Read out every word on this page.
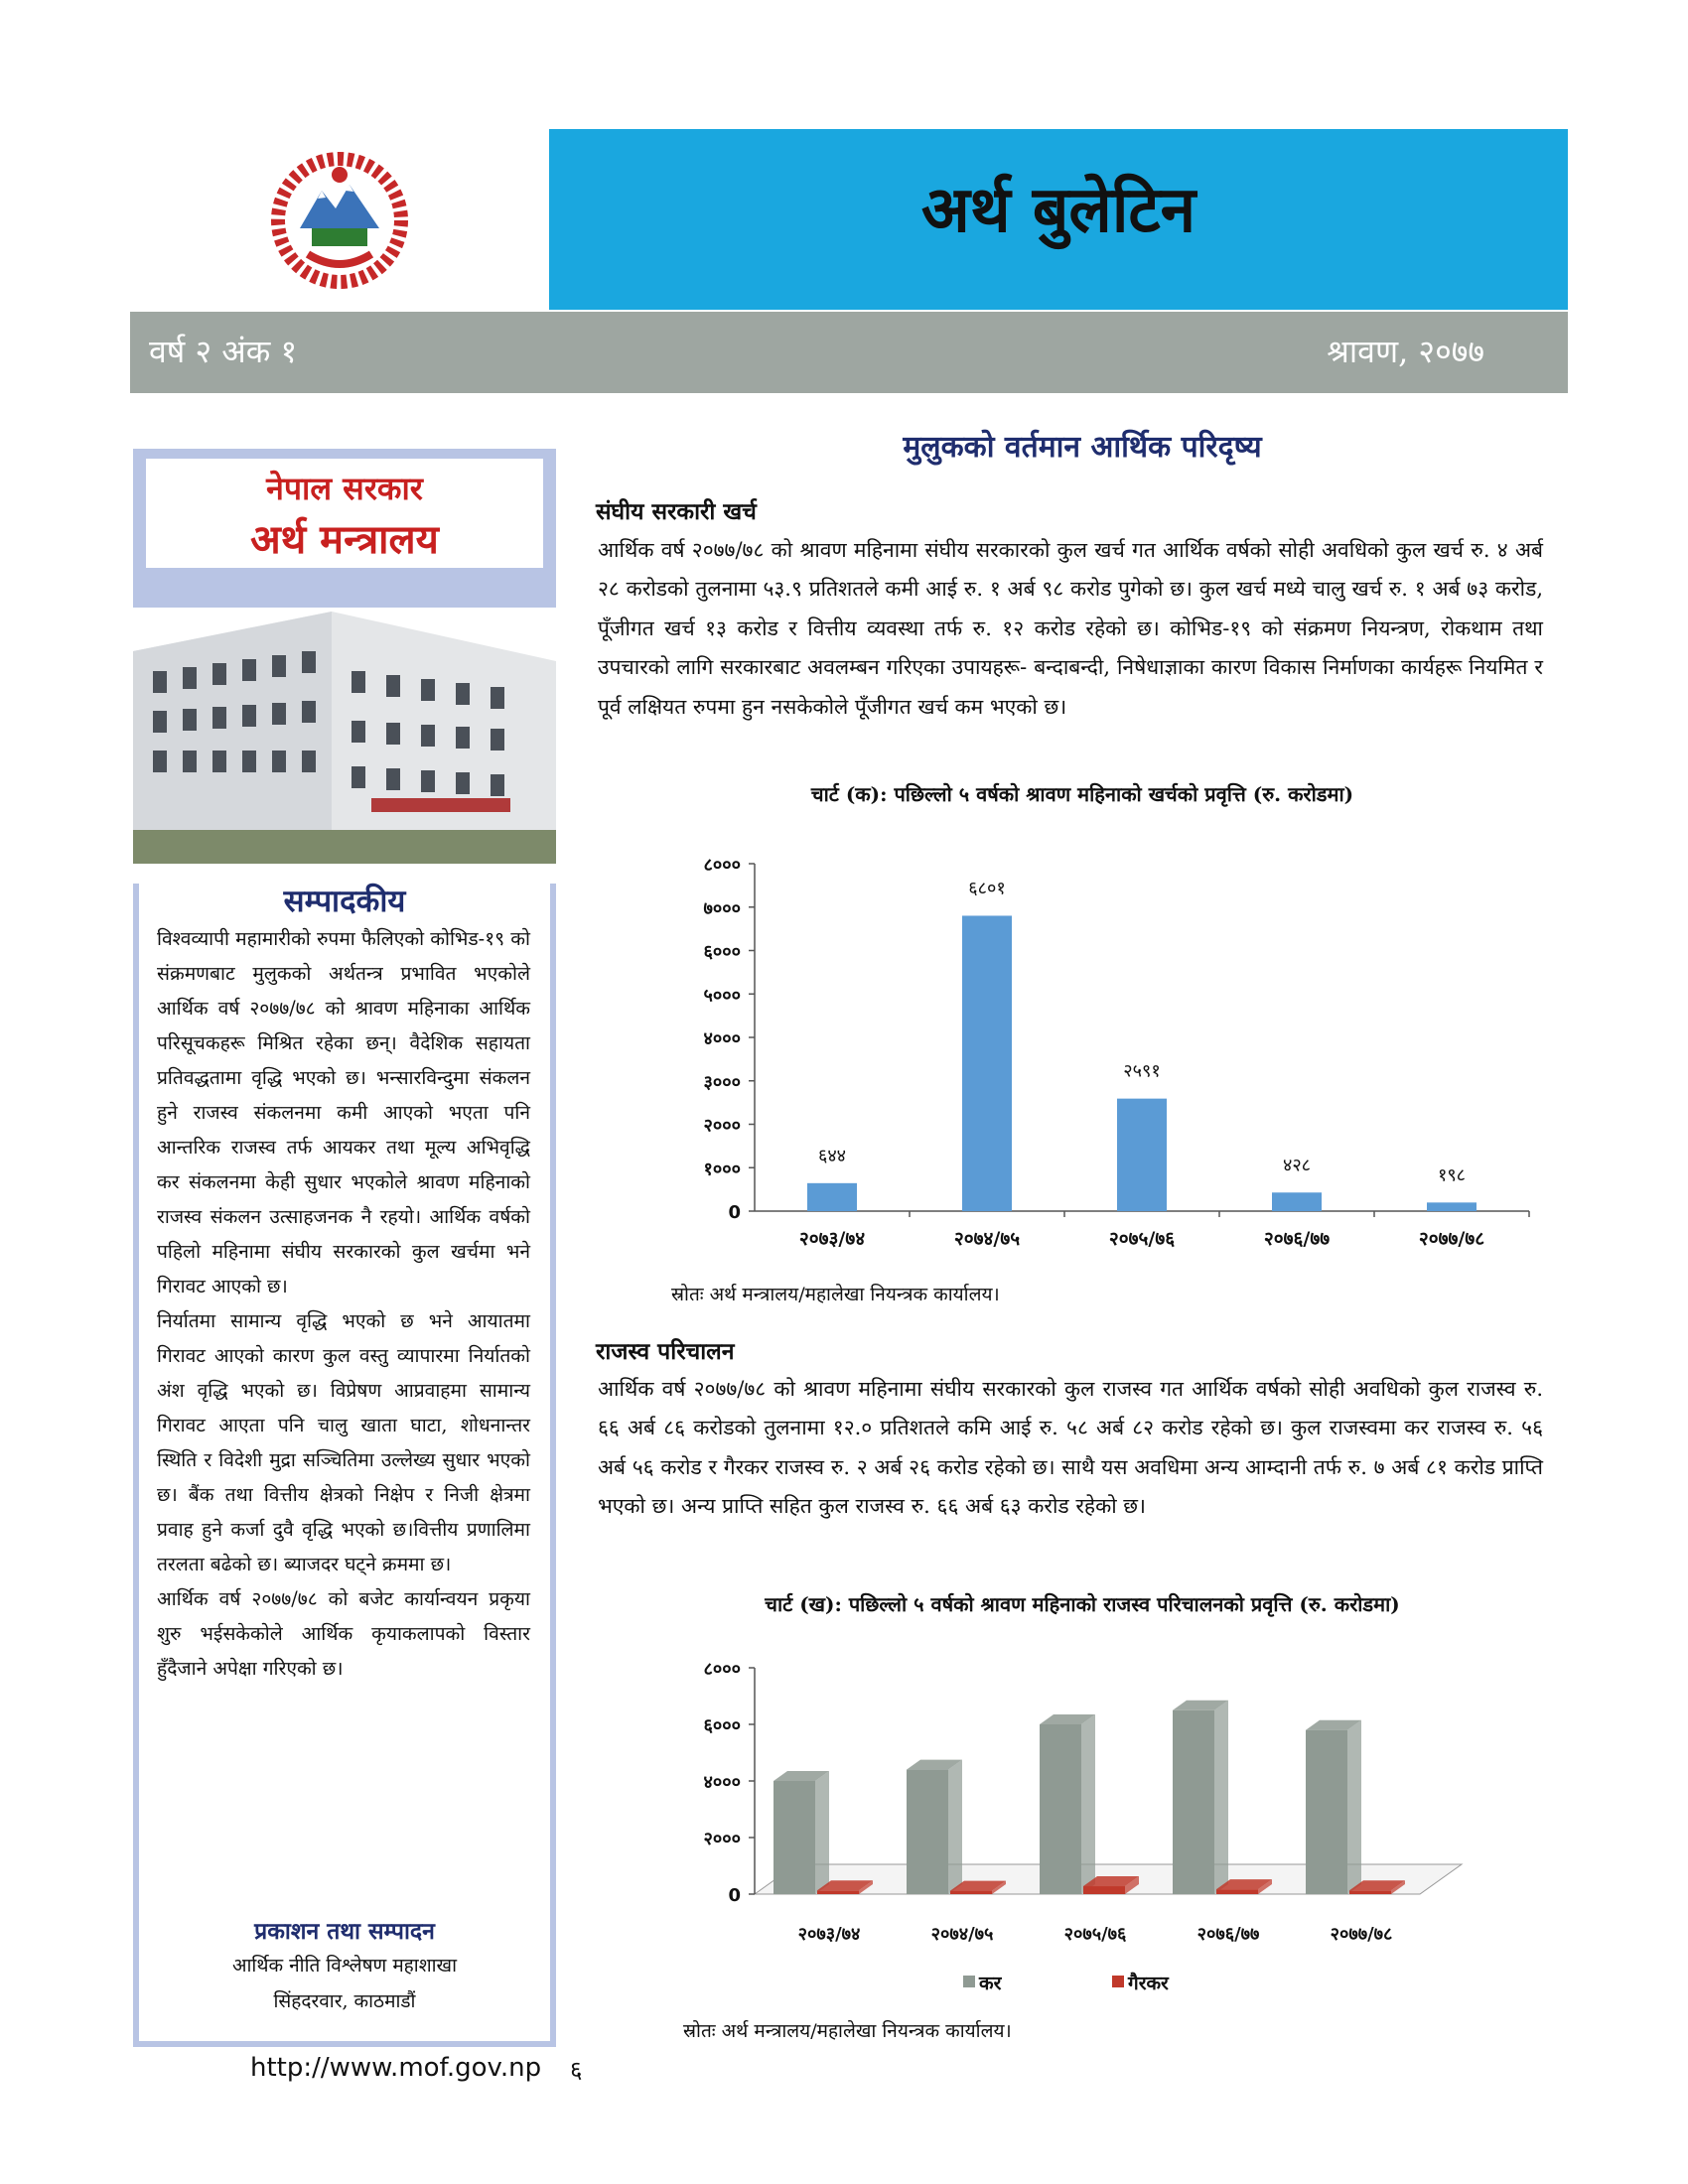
अर्थ बुलेटिन
वर्ष २ अंक १	श्रावण, २०७७
नेपाल सरकार
अर्थ मन्त्रालय
सम्पादकीय

विश्वव्यापी महामारीको रुपमा फैलिएको कोभिड-१९ को संक्रमणबाट मुलुकको अर्थतन्त्र प्रभावित भएकोले आर्थिक वर्ष २०७७/७८ को श्रावण महिनाका आर्थिक परिसूचकहरू मिश्रित रहेका छन्। वैदेशिक सहायता प्रतिवद्धतामा वृद्धि भएको छ। भन्सारविन्दुमा संकलन हुने राजस्व संकलनमा कमी आएको भएता पनि आन्तरिक राजस्व तर्फ आयकर तथा मूल्य अभिवृद्धि कर संकलनमा केही सुधार भएकोले श्रावण महिनाको राजस्व संकलन उत्साहजनक नै रहयो। आर्थिक वर्षको पहिलो महिनामा संघीय सरकारको कुल खर्चमा भने गिरावट आएको छ।

निर्यातमा सामान्य वृद्धि भएको छ भने आयातमा गिरावट आएको कारण कुल वस्तु व्यापारमा निर्यातको अंश वृद्धि भएको छ। विप्रेषण आप्रवाहमा सामान्य गिरावट आएता पनि चालु खाता घाटा, शोधनान्तर स्थिति र विदेशी मुद्रा सञ्चितिमा उल्लेख्य सुधार भएको छ। बैंक तथा वित्तीय क्षेत्रको निक्षेप र निजी क्षेत्रमा प्रवाह हुने कर्जा दुवै वृद्धि भएको छ।वित्तीय प्रणालिमा तरलता बढेको छ। ब्याजदर घट्ने क्रममा छ।

आर्थिक वर्ष २०७७/७८ को बजेट कार्यान्वयन प्रकृया शुरु भईसकेकोले आर्थिक कृयाकलापको विस्तार हुँदैजाने अपेक्षा गरिएको छ।

प्रकाशन तथा सम्पादन
आर्थिक नीति विश्लेषण महाशाखा
सिंहदरवार, काठमाडौं
http://www.mof.gov.np ६
मुलुकको वर्तमान आर्थिक परिदृष्य
संघीय सरकारी खर्च
आर्थिक वर्ष २०७७/७८ को श्रावण महिनामा संघीय सरकारको कुल खर्च गत आर्थिक वर्षको सोही अवधिको कुल खर्च रु. ४ अर्ब २८ करोडको तुलनामा ५३.९ प्रतिशतले कमी आई रु. १ अर्ब ९८ करोड पुगेको छ। कुल खर्च मध्ये चालु खर्च रु. १ अर्ब ७३ करोड, पूँजीगत खर्च १३ करोड र वित्तीय व्यवस्था तर्फ रु. १२ करोड रहेको छ। कोभिड-१९ को संक्रमण नियन्त्रण, रोकथाम तथा उपचारको लागि सरकारबाट अवलम्बन गरिएका उपायहरू- बन्दाबन्दी, निषेधाज्ञाका कारण विकास निर्माणका कार्यहरू नियमित र पूर्व लक्षियत रुपमा हुन नसकेकोले पूँजीगत खर्च कम भएको छ।
चार्ट (क): पछिल्लो ५ वर्षको श्रावण महिनाको खर्चको प्रवृत्ति (रु. करोडमा)
0
१०००
२०००
३०००
४०००
५०००
६०००
७०००
८०००
६४४
२०७३/७४
६८०१
२०७४/७५
२५९१
२०७५/७६
४२८
२०७६/७७
१९८
२०७७/७८
स्रोतः अर्थ मन्त्रालय/महालेखा नियन्त्रक कार्यालय।
राजस्व परिचालन
आर्थिक वर्ष २०७७/७८ को श्रावण महिनामा संघीय सरकारको कुल राजस्व गत आर्थिक वर्षको सोही अवधिको कुल राजस्व रु. ६६ अर्ब ८६ करोडको तुलनामा १२.० प्रतिशतले कमि आई रु. ५८ अर्ब ८२ करोड रहेको छ। कुल राजस्वमा कर राजस्व रु. ५६ अर्ब ५६ करोड र गैरकर राजस्व रु. २ अर्ब २६ करोड रहेको छ। साथै यस अवधिमा अन्य आम्दानी तर्फ रु. ७ अर्ब ८१ करोड प्राप्ति भएको छ। अन्य प्राप्ति सहित कुल राजस्व रु. ६६ अर्ब ६३ करोड रहेको छ।
चार्ट (ख): पछिल्लो ५ वर्षको श्रावण महिनाको राजस्व परिचालनको प्रवृत्ति (रु. करोडमा)
0
२०००
४०००
६०००
८०००
२०७३/७४	२०७४/७५	२०७५/७६	२०७६/७७	२०७७/७८
कर	गैरकर
स्रोतः अर्थ मन्त्रालय/महालेखा नियन्त्रक कार्यालय।
